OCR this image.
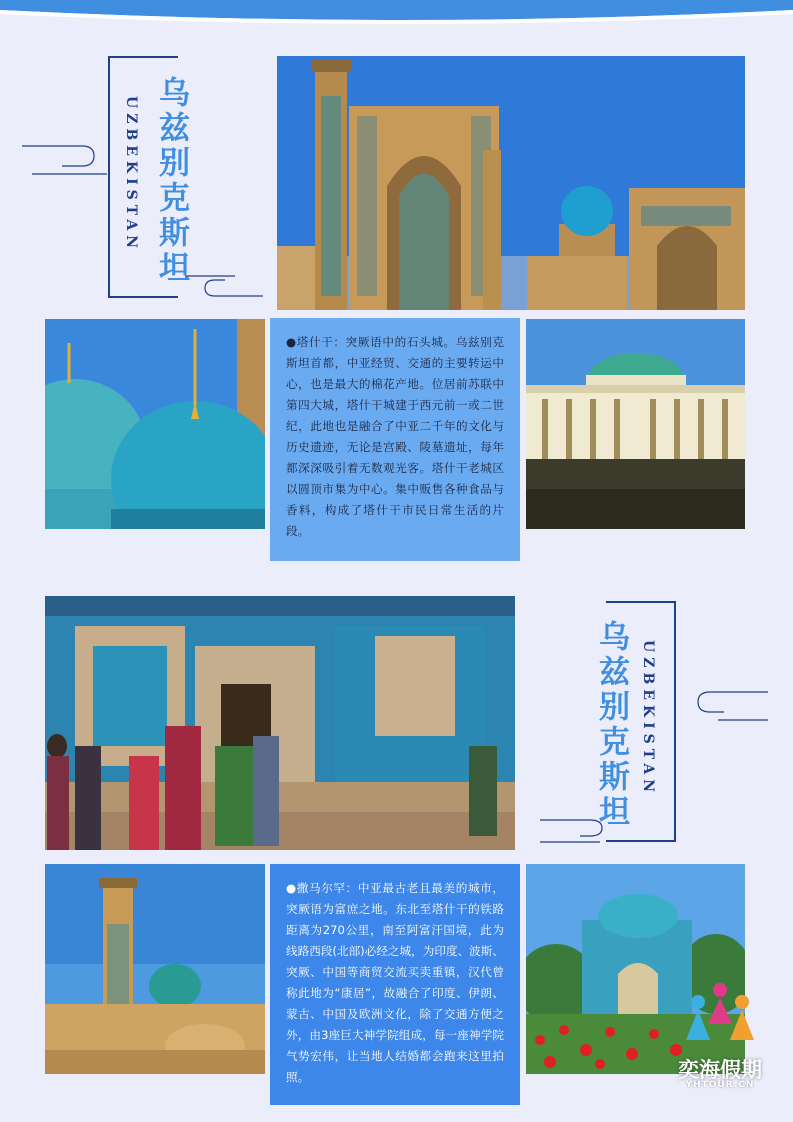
乌兹别克斯坦
UZBEKISTAN
●塔什干：突厥语中的石头城。乌兹别克斯坦首都，中亚经贸、交通的主要转运中心，也是最大的棉花产地。位居前苏联中第四大城，塔什干城建于西元前一或二世纪，此地也是融合了中亚二千年的文化与历史遗迹，无论是宫殿、陵墓遗址，每年都深深吸引着无数观光客。塔什干老城区以圆顶市集为中心。集中贩售各种食品与香料，构成了塔什干市民日常生活的片段。
乌兹别克斯坦 UZBEKISTAN
●撒马尔罕：中亚最古老且最美的城市，突厥语为富庶之地。东北至塔什干的铁路距离为270公里，南至阿富汗国境，此为线路西段(北部)必经之城，为印度、波斯、突厥、中国等商贸交流买卖重镇，汉代曾称此地为“康居”，故融合了印度、伊朗、蒙古、中国及欧洲文化，除了交通方便之外，由3座巨大神学院组成，每一座神学院气势宏伟，让当地人结婚都会跑来这里拍照。	奕海假期
YHTOUR.CN
